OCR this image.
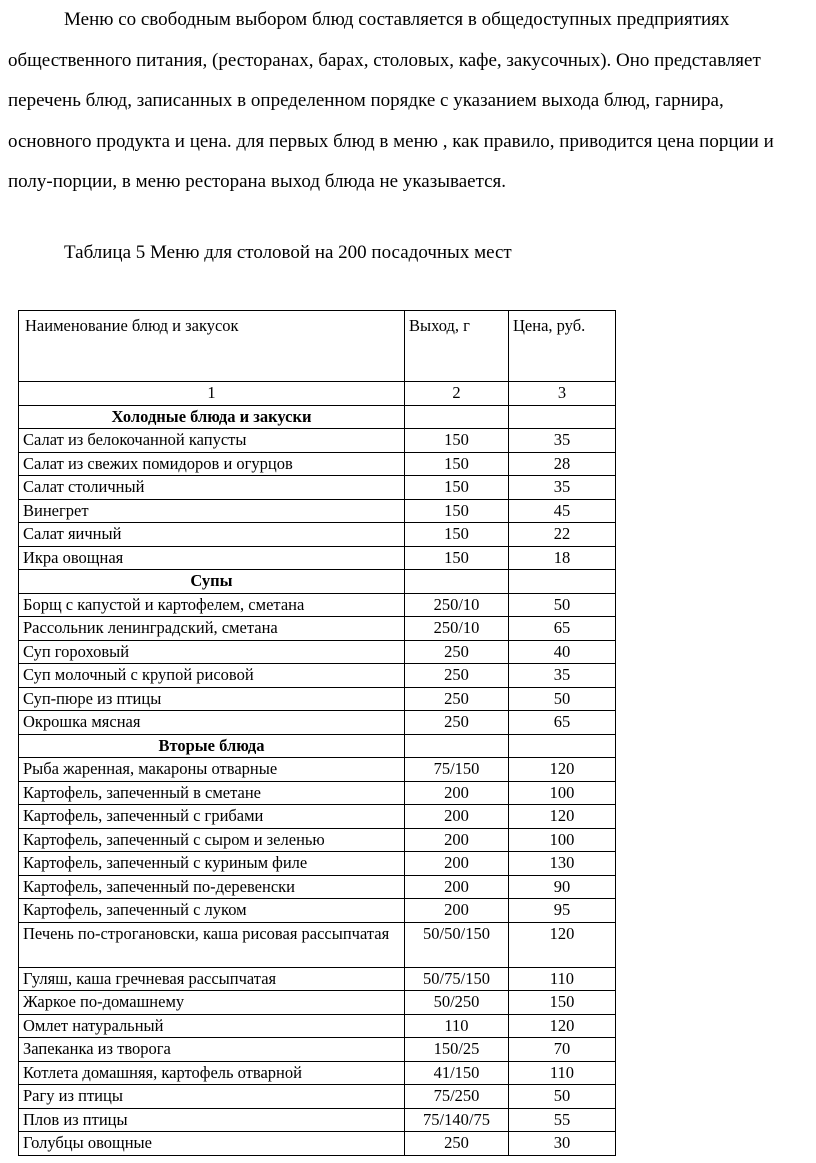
Меню со свободным выбором блюд составляется в общедоступных предприятиях общественного питания, (ресторанах, барах, столовых, кафе, закусочных). Оно представляет перечень блюд, записанных в определенном порядке с указанием выхода блюд, гарнира, основного продукта и цена. для первых блюд в меню , как правило, приводится цена порции и полу-порции, в меню ресторана выход блюда не указывается.

Таблица 5 Меню для столовой на 200 посадочных мест

Наименование блюд и закусок	Выход, г	Цена, руб.
1	2	3
Холодные блюда и закуски		
Салат из белокочанной капусты	150	35
Салат из свежих помидоров и огурцов	150	28
Салат столичный	150	35
Винегрет	150	45
Салат яичный	150	22
Икра овощная	150	18
Супы		
Борщ с капустой и картофелем, сметана	250/10	50
Рассольник ленинградский, сметана	250/10	65
Суп гороховый	250	40
Суп молочный с крупой рисовой	250	35
Суп-пюре из птицы	250	50
Окрошка мясная	250	65
Вторые блюда		
Рыба жаренная, макароны отварные	75/150	120
Картофель, запеченный в сметане	200	100
Картофель, запеченный с грибами	200	120
Картофель, запеченный с сыром и зеленью	200	100
Картофель, запеченный с куриным филе	200	130
Картофель, запеченный по-деревенски	200	90
Картофель, запеченный с луком	200	95
Печень по-строгановски, каша рисовая рассыпчатая	50/50/150	120
Гуляш, каша гречневая рассыпчатая	50/75/150	110
Жаркое по-домашнему	50/250	150
Омлет натуральный	110	120
Запеканка из творога	150/25	70
Котлета домашняя, картофель отварной	41/150	110
Рагу из птицы	75/250	50
Плов из птицы	75/140/75	55
Голубцы овощные	250	30
